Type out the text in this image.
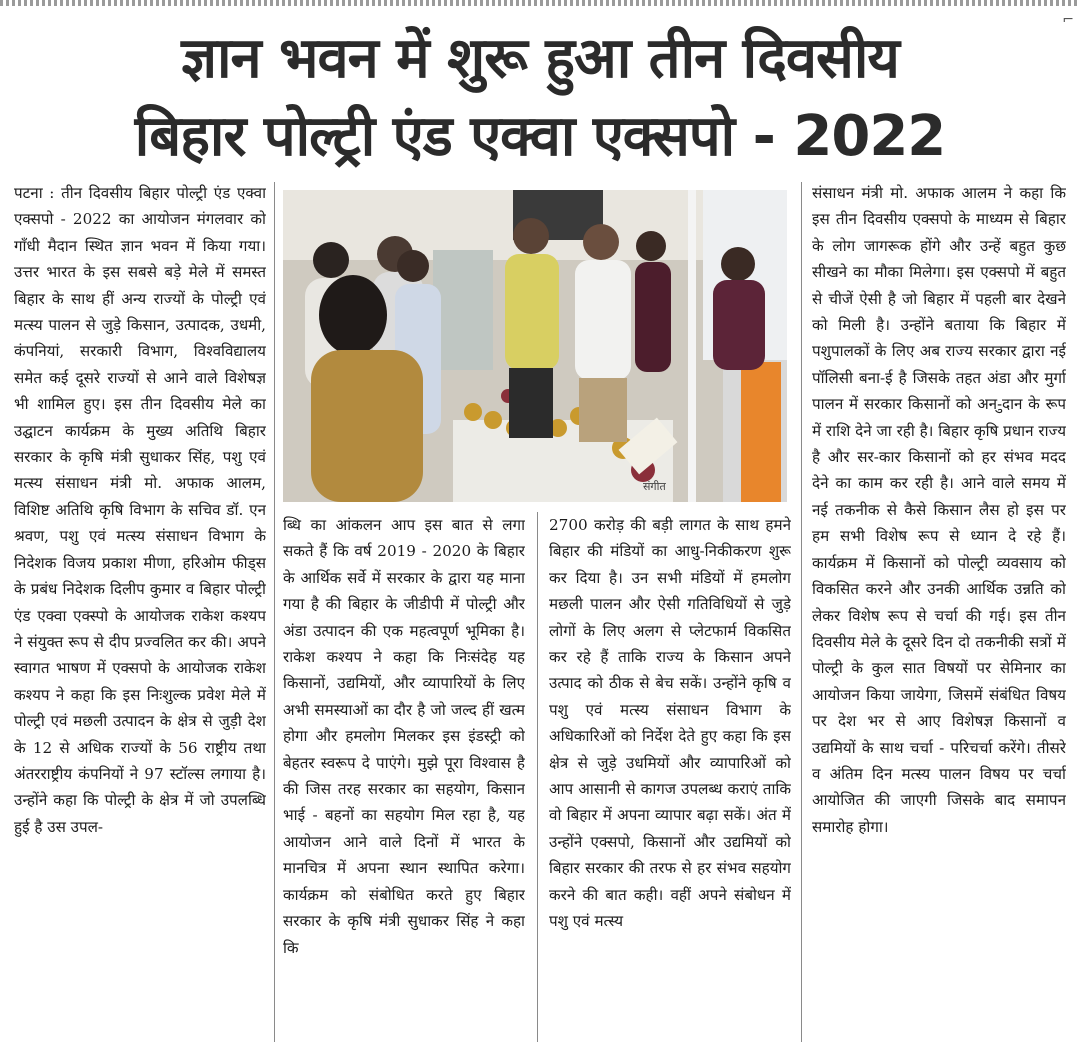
⌐
ज्ञान भवन में शुरू हुआ तीन दिवसीय
बिहार पोल्ट्री एंड एक्वा एक्सपो - 2022

पटना : तीन दिवसीय बिहार पोल्ट्री एंड एक्वा एक्सपो - 2022 का आयोजन मंगलवार को गाँधी मैदान स्थित ज्ञान भवन में किया गया। उत्तर भारत के इस सबसे बड़े मेले में समस्त बिहार के साथ हीं अन्य राज्यों के पोल्ट्री एवं मत्स्य पालन से जुड़े किसान, उत्पादक, उधमी, कंपनियां, सरकारी विभाग, विश्वविद्यालय समेत कई दूसरे राज्यों से आने वाले विशेषज्ञ भी शामिल हुए। इस तीन दिवसीय मेले का उद्घाटन कार्यक्रम के मुख्य अतिथि बिहार सरकार के कृषि मंत्री सुधाकर सिंह, पशु एवं मत्स्य संसाधन मंत्री मो. अफाक आलम, विशिष्ट अतिथि कृषि विभाग के सचिव डॉ. एन श्रवण, पशु एवं मत्स्य संसाधन विभाग के निदेशक विजय प्रकाश मीणा, हरिओम फीड्स के प्रबंध निदेशक दिलीप कुमार व बिहार पोल्ट्री एंड एक्वा एक्स्पो के आयोजक राकेश कश्यप ने संयुक्त रूप से दीप प्रज्वलित कर की। अपने स्वागत भाषण में एक्सपो के आयोजक राकेश कश्यप ने कहा कि इस निःशुल्क प्रवेश मेले में पोल्ट्री एवं मछली उत्पादन के क्षेत्र से जुड़ी देश के 12 से अधिक राज्यों के 56 राष्ट्रीय तथा अंतरराष्ट्रीय कंपनियों ने 97 स्टॉल्स लगाया है। उन्होंने कहा कि पोल्ट्री के क्षेत्र में जो उपलब्धि हुई है उस उपल-

संगीत

ब्धि का आंकलन आप इस बात से लगा सकते हैं कि वर्ष 2019 - 2020 के बिहार के आर्थिक सर्वे में सरकार के द्वारा यह माना गया है की बिहार के जीडीपी में पोल्ट्री और अंडा उत्पादन की एक महत्वपूर्ण भूमिका है। राकेश कश्यप ने कहा कि निःसंदेह यह किसानों, उद्यमियों, और व्यापारियों के लिए अभी समस्याओं का दौर है जो जल्द हीं खत्म होगा और हमलोग मिलकर इस इंडस्ट्री को बेहतर स्वरूप दे पाएंगे। मुझे पूरा विश्वास है की जिस तरह सरकार का सहयोग, किसान भाई - बहनों का सहयोग मिल रहा है, यह आयोजन आने वाले दिनों में भारत के मानचित्र में अपना स्थान स्थापित करेगा। कार्यक्रम को संबोधित करते हुए बिहार सरकार के कृषि मंत्री सुधाकर सिंह ने कहा कि

2700 करोड़ की बड़ी लागत के साथ हमने बिहार की मंडियों का आधु-निकीकरण शुरू कर दिया है। उन सभी मंडियों में हमलोग मछली पालन और ऐसी गतिविधियों से जुड़े लोगों के लिए अलग से प्लेटफार्म विकसित कर रहे हैं ताकि राज्य के किसान अपने उत्पाद को ठीक से बेच सकें। उन्होंने कृषि व पशु एवं मत्स्य संसाधन विभाग के अधिकारिओं को निर्देश देते हुए कहा कि इस क्षेत्र से जुड़े उधमियों और व्यापारिओं को आप आसानी से कागज उपलब्ध कराएं ताकि वो बिहार में अपना व्यापार बढ़ा सकें। अंत में उन्होंने एक्सपो, किसानों और उद्यमियों को बिहार सरकार की तरफ से हर संभव सहयोग करने की बात कही। वहीं अपने संबोधन में पशु एवं मत्स्य

संसाधन मंत्री मो. अफाक आलम ने कहा कि इस तीन दिवसीय एक्सपो के माध्यम से बिहार के लोग जागरूक होंगे और उन्हें बहुत कुछ सीखने का मौका मिलेगा। इस एक्सपो में बहुत से चीजें ऐसी है जो बिहार में पहली बार देखने को मिली है। उन्होंने बताया कि बिहार में पशुपालकों के लिए अब राज्य सरकार द्वारा नई पॉलिसी बना-ई है जिसके तहत अंडा और मुर्गा पालन में सरकार किसानों को अन-ुदान के रूप में राशि देने जा रही है। बिहार कृषि प्रधान राज्य है और सर-कार किसानों को हर संभव मदद देने का काम कर रही है। आने वाले समय में नई तकनीक से कैसे किसान लैस हो इस पर हम सभी विशेष रूप से ध्यान दे रहे हैं। कार्यक्रम में किसानों को पोल्ट्री व्यवसाय को विकसित करने और उनकी आर्थिक उन्नति को लेकर विशेष रूप से चर्चा की गई। इस तीन दिवसीय मेले के दूसरे दिन दो तकनीकी सत्रों में पोल्ट्री के कुल सात विषयों पर सेमिनार का आयोजन किया जायेगा, जिसमें संबंधित विषय पर देश भर से आए विशेषज्ञ किसानों व उद्यमियों के साथ चर्चा - परिचर्चा करेंगे। तीसरे व अंतिम दिन मत्स्य पालन विषय पर चर्चा आयोजित की जाएगी जिसके बाद समापन समारोह होगा।
